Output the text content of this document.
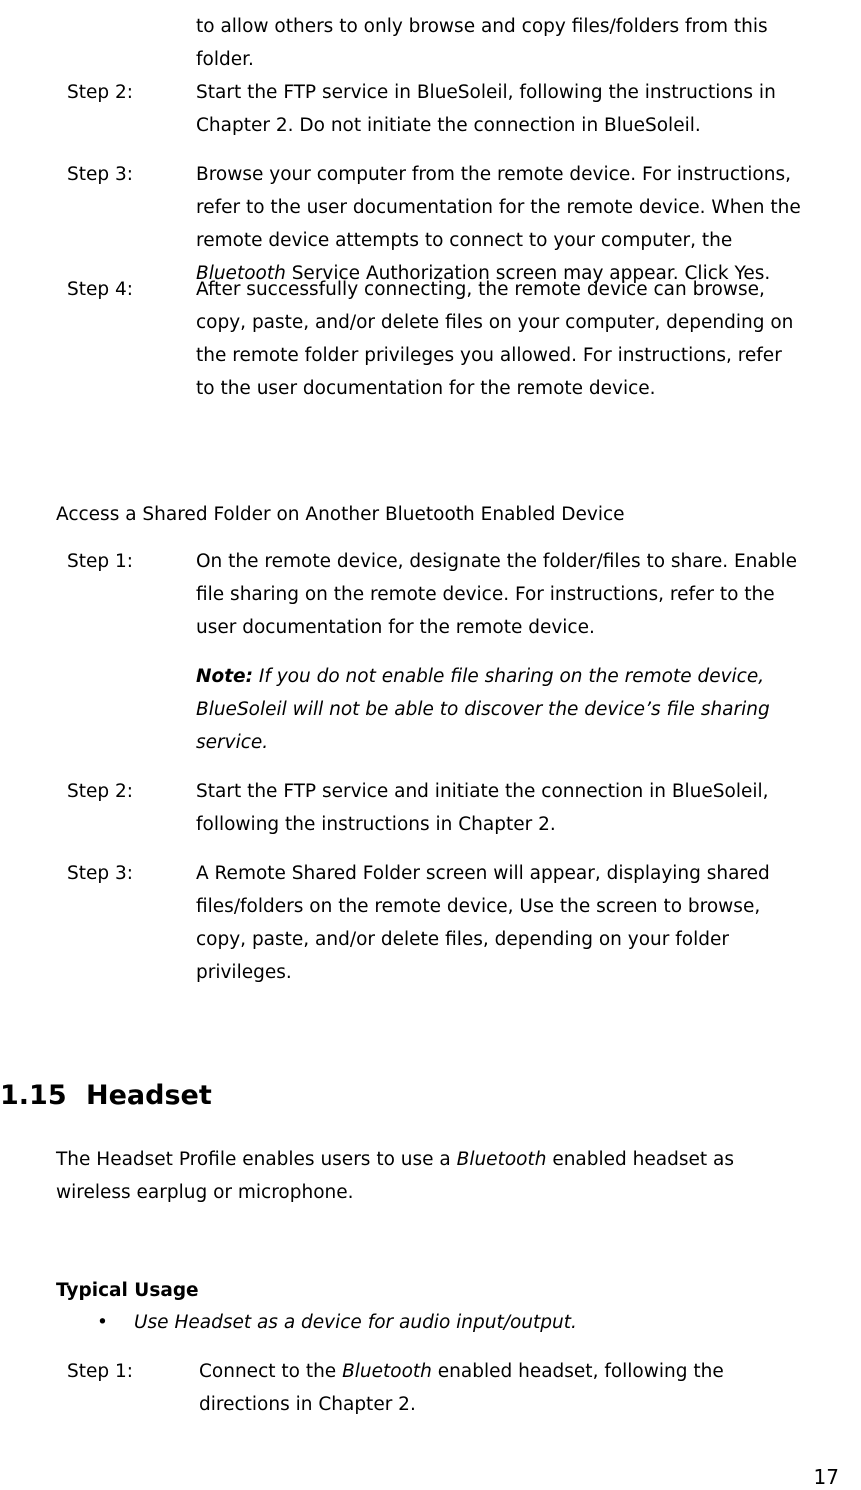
to allow others to only browse and copy files/folders from this
folder.
Step 2:	Start the FTP service in BlueSoleil, following the instructions in
Chapter 2. Do not initiate the connection in BlueSoleil.
Step 3:	Browse your computer from the remote device. For instructions,
refer to the user documentation for the remote device. When the
remote device attempts to connect to your computer, the
Bluetooth Service Authorization screen may appear. Click Yes.
Step 4:	After successfully connecting, the remote device can browse,
copy, paste, and/or delete files on your computer, depending on
the remote folder privileges you allowed. For instructions, refer
to the user documentation for the remote device.
Access a Shared Folder on Another Bluetooth Enabled Device
Step 1:	On the remote device, designate the folder/files to share. Enable
file sharing on the remote device. For instructions, refer to the
user documentation for the remote device.
Note: If you do not enable file sharing on the remote device,
BlueSoleil will not be able to discover the device’s file sharing
service.
Step 2:	Start the FTP service and initiate the connection in BlueSoleil,
following the instructions in Chapter 2.
Step 3:	A Remote Shared Folder screen will appear, displaying shared
files/folders on the remote device, Use the screen to browse,
copy, paste, and/or delete files, depending on your folder
privileges.
1.15 Headset
The Headset Profile enables users to use a Bluetooth enabled headset as
wireless earplug or microphone.
Typical Usage
• Use Headset as a device for audio input/output.
Step 1:	Connect to the Bluetooth enabled headset, following the
directions in Chapter 2.
17
